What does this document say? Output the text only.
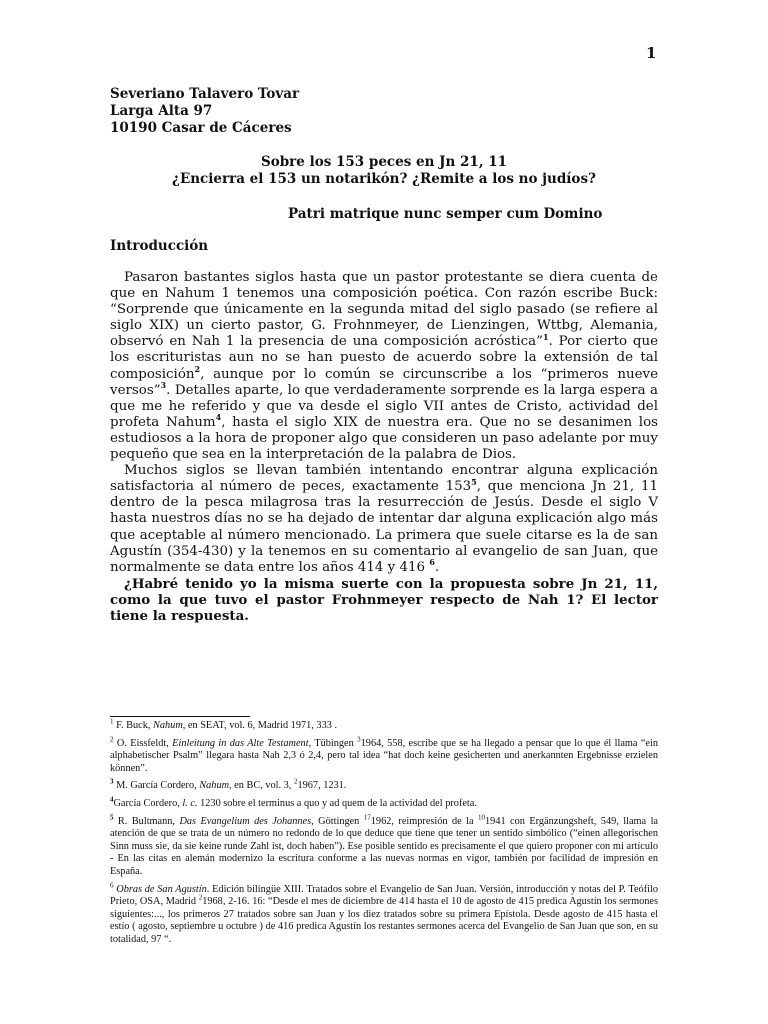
1
Severiano Talavero Tovar
Larga Alta 97
10190 Casar de Cáceres
Sobre los 153 peces en Jn 21, 11
¿Encierra el 153 un notarikón? ¿Remite a los no judíos?
Patri matrique nunc semper cum Domino
Introducción

Pasaron bastantes siglos hasta que un pastor protestante se diera cuenta de que en Nahum 1 tenemos una composición poética. Con razón escribe Buck: “Sorprende que únicamente en la segunda mitad del siglo pasado (se refiere al siglo XIX) un cierto pastor, G. Frohnmeyer, de Lienzingen, Wttbg, Alemania, observó en Nah 1 la presencia de una composición acróstica”$^1$. Por cierto que los escrituristas aun no se han puesto de acuerdo sobre la extensión de tal composición$^2$, aunque por lo común se circunscribe a los “primeros nueve versos”$^3$. Detalles aparte, lo que verdaderamente sorprende es la larga espera a que me he referido y que va desde el siglo VII antes de Cristo, actividad del profeta Nahum$^4$, hasta el siglo XIX de nuestra era. Que no se desanimen los estudiosos a la hora de proponer algo que consideren un paso adelante por muy pequeño que sea en la interpretación de la palabra de Dios.

Muchos siglos se llevan también intentando encontrar alguna explicación satisfactoria al número de peces, exactamente $153^5$, que menciona Jn 21, 11 dentro de la pesca milagrosa tras la resurrección de Jesús. Desde el siglo V hasta nuestros días no se ha dejado de intentar dar alguna explicación algo más que aceptable al número mencionado. La primera que suele citarse es la de san Agustín (354-430) y la tenemos en su comentario al evangelio de san Juan, que normalmente se data entre los años 414 y 416 $^6$.

¿Habré tenido yo la misma suerte con la propuesta sobre Jn 21, 11, como la que tuvo el pastor Frohnmeyer respecto de Nah 1? El lector tiene la respuesta.

$^1$ F. Buck, Nahum, en SEAT, vol. 6, Madrid 1971, 333 .

$^2$ O. Eissfeldt, Einleitung in das Alte Testament, Tübingen $^3$1964, 558, escribe que se ha llegado a pensar que lo que él llama “ein alphabetischer Psalm” llegara hasta Nah 2,3 ó 2,4, pero tal idea “hat doch keine gesicherten und anerkannten Ergebnisse erzielen können”.

$^3$ M. García Cordero, Nahum, en BC, vol. 3, $^2$1967, 1231.

$^4$García Cordero, l. c. 1230 sobre el terminus a quo y ad quem de la actividad del profeta.

$^5$ R. Bultmann, Das Evangelium des Johannes, Göttingen $^{17}$1962, reimpresión de la $^{10}$1941 con Ergänzungsheft, 549, llama la atención de que se trata de un número no redondo de lo que deduce que tiene que tener un sentido simbólico (“einen allegorischen Sinn muss sie, da sie keine runde Zahl ist, doch haben”). Ese posible sentido es precisamente el que quiero proponer con mi artículo - En las citas en alemán modernizo la escritura conforme a las nuevas normas en vigor, también por facilidad de impresión en España.

$^6$ Obras de San Agustín. Edición bilingüe XIII. Tratados sobre el Evangelio de San Juan. Versión, introducción y notas del P. Teófilo Prieto, OSA, Madrid $^2$1968, 2-16. 16: “Desde el mes de diciembre de 414 hasta el 10 de agosto de 415 predica Agustín los sermones siguientes:..., los primeros 27 tratados sobre san Juan y los diez tratados sobre su primera Epístola. Desde agosto de 415 hasta el estío ( agosto, septiembre u octubre ) de 416 predica Agustín los restantes sermones acerca del Evangelio de San Juan que son, en su totalidad, 97 “.
